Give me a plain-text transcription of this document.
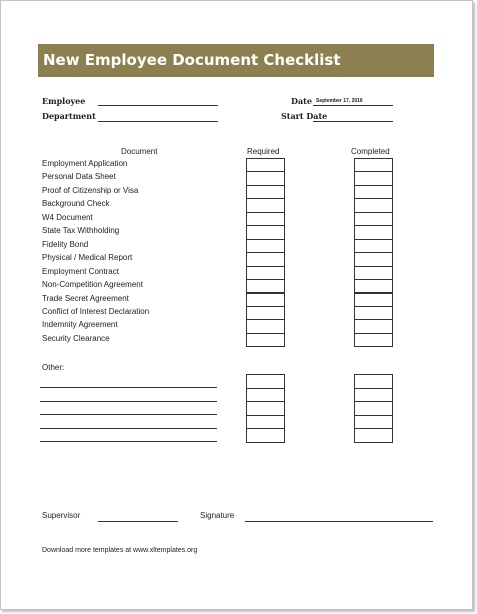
New Employee Document Checklist
Employee
Department
Date September 17, 2016
Start Date
Document	Required	Completed
Employment Application
Personal Data Sheet
Proof of Citizenship or Visa
Background Check
W4 Document
State Tax Withholding
Fidelity Bond
Physical / Medical Report
Employment Contract
Non-Competition Agreement
Trade Secret Agreement
Conflict of Interest Declaration
Indemnity Agreement
Security Clearance
Other:
Supervisor	Signature
Download more templates at www.xltemplates.org
